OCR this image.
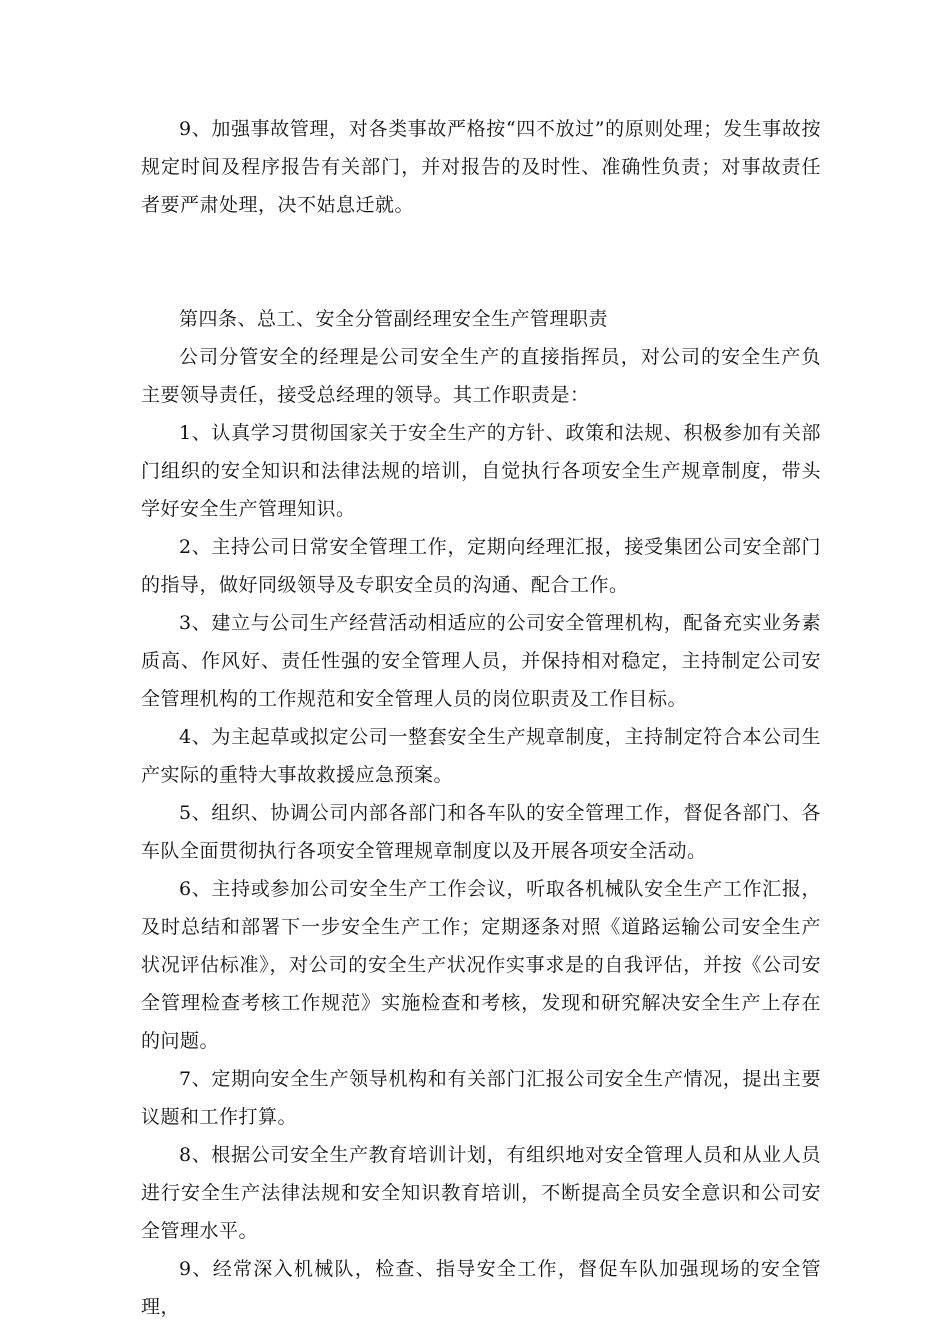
9、加强事故管理，对各类事故严格按“四不放过”的原则处理；发生事故按规定时间及程序报告有关部门，并对报告的及时性、准确性负责；对事故责任者要严肃处理，决不姑息迁就。

第四条、总工、安全分管副经理安全生产管理职责

公司分管安全的经理是公司安全生产的直接指挥员，对公司的安全生产负主要领导责任，接受总经理的领导。其工作职责是：

1、认真学习贯彻国家关于安全生产的方针、政策和法规、积极参加有关部门组织的安全知识和法律法规的培训，自觉执行各项安全生产规章制度，带头学好安全生产管理知识。

2、主持公司日常安全管理工作，定期向经理汇报，接受集团公司安全部门的指导，做好同级领导及专职安全员的沟通、配合工作。

3、建立与公司生产经营活动相适应的公司安全管理机构，配备充实业务素质高、作风好、责任性强的安全管理人员，并保持相对稳定，主持制定公司安全管理机构的工作规范和安全管理人员的岗位职责及工作目标。

4、为主起草或拟定公司一整套安全生产规章制度，主持制定符合本公司生产实际的重特大事故救援应急预案。

5、组织、协调公司内部各部门和各车队的安全管理工作，督促各部门、各车队全面贯彻执行各项安全管理规章制度以及开展各项安全活动。

6、主持或参加公司安全生产工作会议，听取各机械队安全生产工作汇报，及时总结和部署下一步安全生产工作；定期逐条对照《道路运输公司安全生产状况评估标准》，对公司的安全生产状况作实事求是的自我评估，并按《公司安全管理检查考核工作规范》实施检查和考核，发现和研究解决安全生产上存在的问题。

7、定期向安全生产领导机构和有关部门汇报公司安全生产情况，提出主要议题和工作打算。

8、根据公司安全生产教育培训计划，有组织地对安全管理人员和从业人员进行安全生产法律法规和安全知识教育培训，不断提高全员安全意识和公司安全管理水平。

9、经常深入机械队，检查、指导安全工作，督促车队加强现场的安全管理，
